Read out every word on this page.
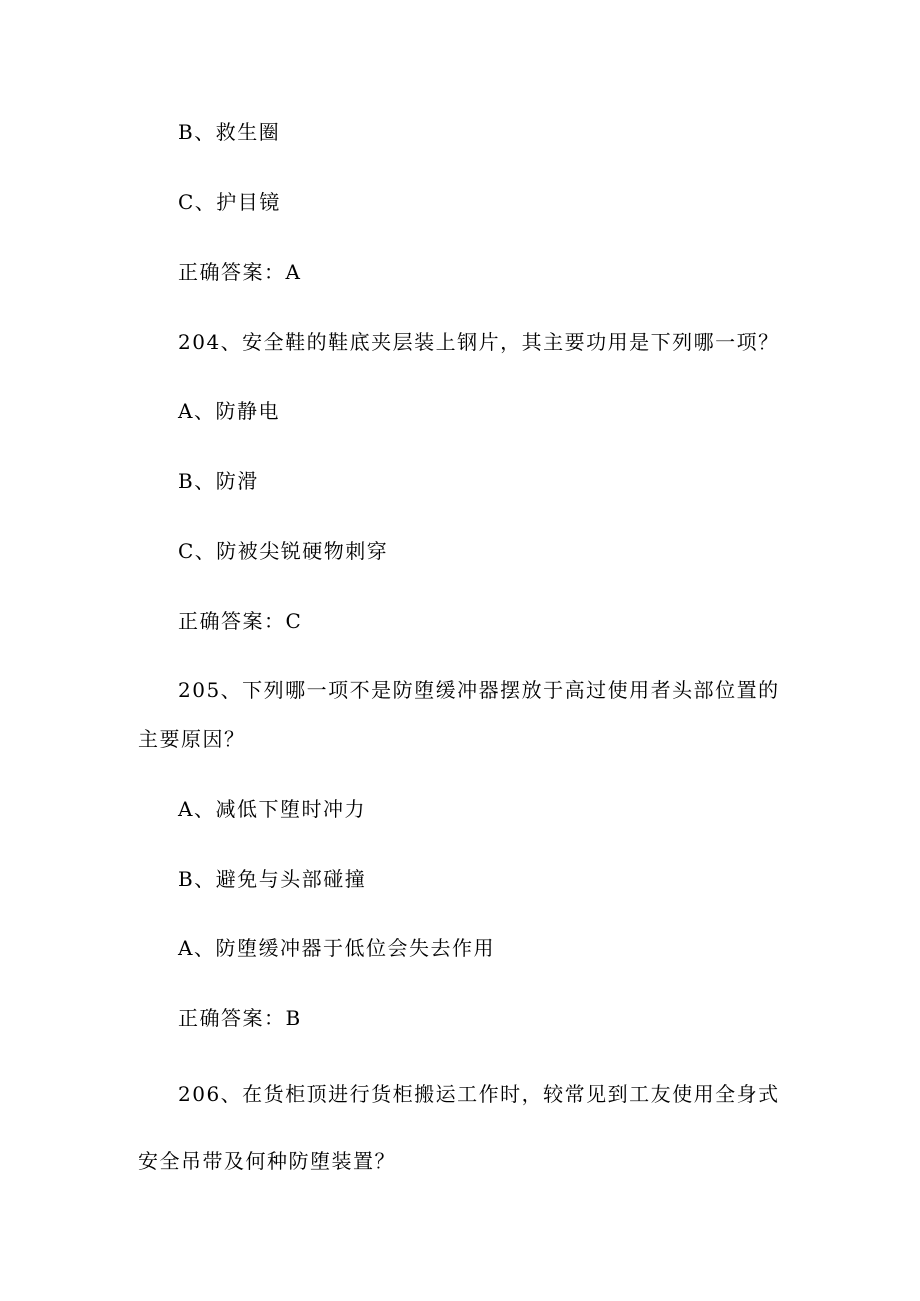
B、救生圈
C、护目镜
正确答案：A
204、安全鞋的鞋底夹层装上钢片，其主要功用是下列哪一项？
A、防静电
B、防滑
C、防被尖锐硬物刺穿
正确答案：C
205、下列哪一项不是防堕缓冲器摆放于高过使用者头部位置的
主要原因？
A、减低下堕时冲力
B、避免与头部碰撞
A、防堕缓冲器于低位会失去作用
正确答案：B
206、在货柜顶进行货柜搬运工作时，较常见到工友使用全身式
安全吊带及何种防堕装置？
